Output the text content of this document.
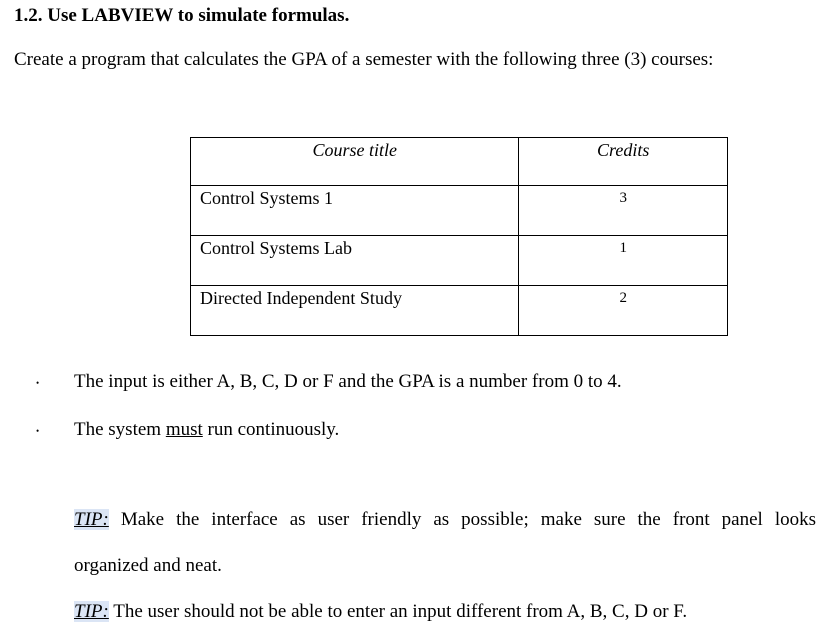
1.2. Use LABVIEW to simulate formulas.
Create a program that calculates the GPA of a semester with the following three (3) courses:
Course title	Credits
Control Systems 1	3
Control Systems Lab	1
Directed Independent Study	2
• The input is either A, B, C, D or F and the GPA is a number from 0 to 4.
• The system must run continuously.
TIP: Make the interface as user friendly as possible; make sure the front panel looks
organized and neat.
TIP: The user should not be able to enter an input different from A, B, C, D or F.
